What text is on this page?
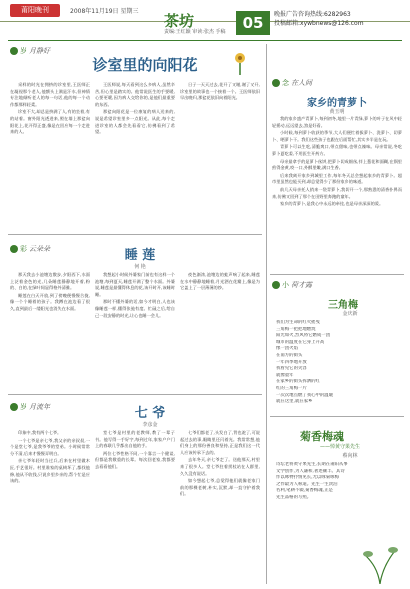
莆阳晚刊	2008年11月19日 星期三
茶坊
责编:王红颖 审读:张杰 手稿	05	晚报广告咨询热线:6282963
投稿邮箱:xywbnews@126.com
岁 月静好
诊室里的向阳花

采样的时光在拥挤的诊室里,王医师正在凝视那个老人,他额头上满是汗水,但神情专注地倾听老人的每一句话,他的每一个动作都那样轻柔。

诊室不大,却总是挤满了人,有的坐着,有的站着。窗外阳光透进来,照在墙上那盆向阳花上,花开得正盛,像是在回应每一个走进来的人。

王医师说,每天看到这么多病人,虽然辛苦,但心里是踏实的。他常说医生的手要暖,心要更暖,因为病人交给你的,是他们最重要的东西。

那盆向阳花是一位康复的病人送来的,说是希望诊室里多一点阳光。从此,每个走进诊室的人都会先看看它,仿佛看到了希望。

日子一天天过去,花开了又谢,谢了又开,诊室里的故事也一个接着一个。王医师依旧早出晚归,那盆花依旧向着阳光。

彩 云朵朵	睡 莲
何 艳

那天我去小池塘边散步,夕阳西下,水面上泛着金色的光,几朵睡莲静静地开着,粉的、白的,在绿叶间显得格外清雅。

睡莲在白天开放,到了傍晚便慢慢合拢,像一个个睡着的孩子。我蹲在池边看了很久,直到最后一缕阳光也消失在水面。

我想起小时候外婆家门前也有这样一个池塘,每到夏天,睡莲开满了整个水面。外婆说,睡莲是最懂得休息的花,该开时开,该睡时睡。

那时不懂外婆的话,如今才明白,人也该像睡莲一样,懂得张弛有度。忙碌之后,给自己一段安静的时光,让心也睡一会儿。

夜色渐浓,池塘边的蛙声响了起来,睡莲在水中静静地睡着,月光洒在花瓣上,像是为它盖上了一层薄薄的纱。

岁 月流年	七 爷
李彦金

印象中,我有两个七爷。

一个七爷是亲七爷,我父亲的亲叔叔,一个是堂七爷,是我爷爷的堂弟。小时候常常分不清,后来才慢慢弄明白。

亲七爷年轻时当过兵,后来在村里做木匠,手艺很好。村里谁家的桌椅坏了,都找他修,他从不收钱,只说乡里乡亲的,帮个忙是应该的。

堂七爷是村里的老教师,教了一辈子书。他写得一手好字,每到过年,家家户户门上的春联几乎都出自他的手。

两位七爷性格不同,一个寡言一个健谈,但都是我敬重的长辈。每次回老家,我都要去看看他们。

七爷们都老了,头发白了,背也驼了,可说起过去的事,眼睛里还闪着光。我常常想,他们身上的那份善良和坚持,正是我们这一代人应该传承下去的。

去年冬天,亲七爷走了。送他那天,村里来了很多人。堂七爷拄着拐杖站在人群里,久久没有说话。

如今想起七爷,总觉得他们就像老家门前的那棵老树,朴实,沉默,却一直守护着我们。

念 在人间
家乡的青萝卜
黄玉明

我的家乡盛产青萝卜,每到初冬,地里一片青绿,萝卜的叶子在风中轻轻摇动,远远望去,煞是好看。

小时候,每到萝卜收获的季节,大人们便忙着拔萝卜、洗萝卜、切萝卜、晒萝卜干。我们这些孩子也跟在后面帮忙,其实多半是在玩。

青萝卜可以生吃,清脆爽口,带点甜味,也带点辣味。母亲常说,冬吃萝卜夏吃姜,不用医生开药方。

母亲最拿手的是萝卜丝饼,把萝卜切成细丝,拌上葱花和面糊,在锅里煎得金黄,咬一口,外酥里嫩,满口生香。

后来我离开家乡到城里工作,每年冬天总会想起家乡的青萝卜。超市里虽然也能买到,却总觉得少了那份家乡的味道。

前几天母亲托人捎来一袋青萝卜,我切开一个,那熟悉的清香扑鼻而来,仿佛又回到了那个在田野里奔跑的童年。

家乡的青萝卜,是我心中永远的牵挂,也是母亲深深的爱。

小 荷才露
三角梅
金庆新
我们为生命的红火摇曳
三角梅一把把地燃烧
阳光如火,烈风将它燃成一团
城市的温度在它身上升高
像一团火焰
在南方的街头
一年四季地开放
我看见它的笑容
就像童年
在家乡的街头挥洒的红
红的三角梅一片
一次次地点燃了我心中的温暖
就在这里,就在家乡
菊香梅魂
——悼黄守果先生
蔡向林
诗坛老将黄守果先生,长期在莆阳从事
文学创作,为人谦和,著述颇丰。其诗
作以咏物抒情见长,尤以咏菊咏梅
之作最为人称道。先生一生淡泊
名利,笔耕不辍,菊香梅魂,正是
先生品格的写照。
